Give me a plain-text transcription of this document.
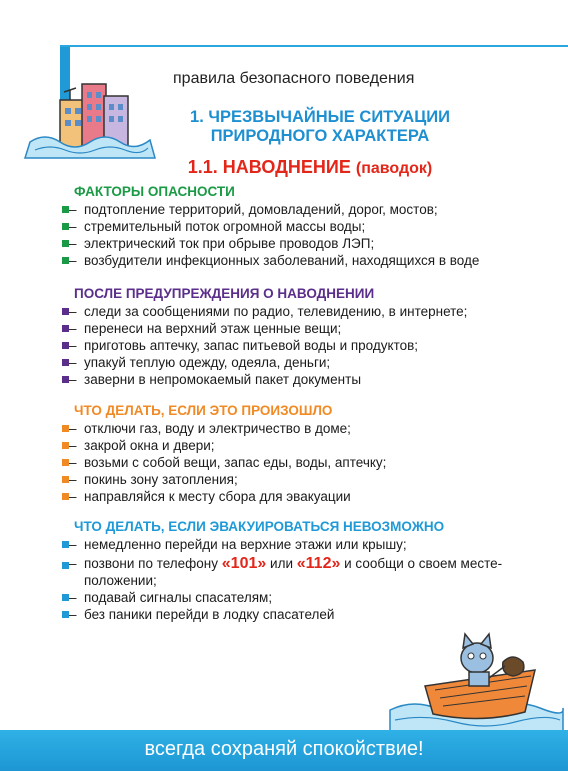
правила безопасного поведения
1. ЧРЕЗВЫЧАЙНЫЕ СИТУАЦИИ
ПРИРОДНОГО ХАРАКТЕРА
1.1. НАВОДНЕНИЕ (паводок)
ФАКТОРЫ ОПАСНОСТИ
– подтопление территорий, домовладений, дорог, мостов;
– стремительный поток огромной массы воды;
– электрический ток при обрыве проводов ЛЭП;
– возбудители инфекционных заболеваний, находящихся в воде
ПОСЛЕ ПРЕДУПРЕЖДЕНИЯ О НАВОДНЕНИИ
– следи за сообщениями по радио, телевидению, в интернете;
– перенеси на верхний этаж ценные вещи;
– приготовь аптечку, запас питьевой воды и продуктов;
– упакуй теплую одежду, одеяла, деньги;
– заверни в непромокаемый пакет документы
ЧТО ДЕЛАТЬ, ЕСЛИ ЭТО ПРОИЗОШЛО
– отключи газ, воду и электричество в доме;
– закрой окна и двери;
– возьми с собой вещи, запас еды, воды, аптечку;
– покинь зону затопления;
– направляйся к месту сбора для эвакуации
ЧТО ДЕЛАТЬ, ЕСЛИ ЭВАКУИРОВАТЬСЯ НЕВОЗМОЖНО
– немедленно перейди на верхние этажи или крышу;
– позвони по телефону «101» или «112» и сообщи о своем месте-
положении;
– подавай сигналы спасателям;
– без паники перейди в лодку спасателей
всегда сохраняй спокойствие!
